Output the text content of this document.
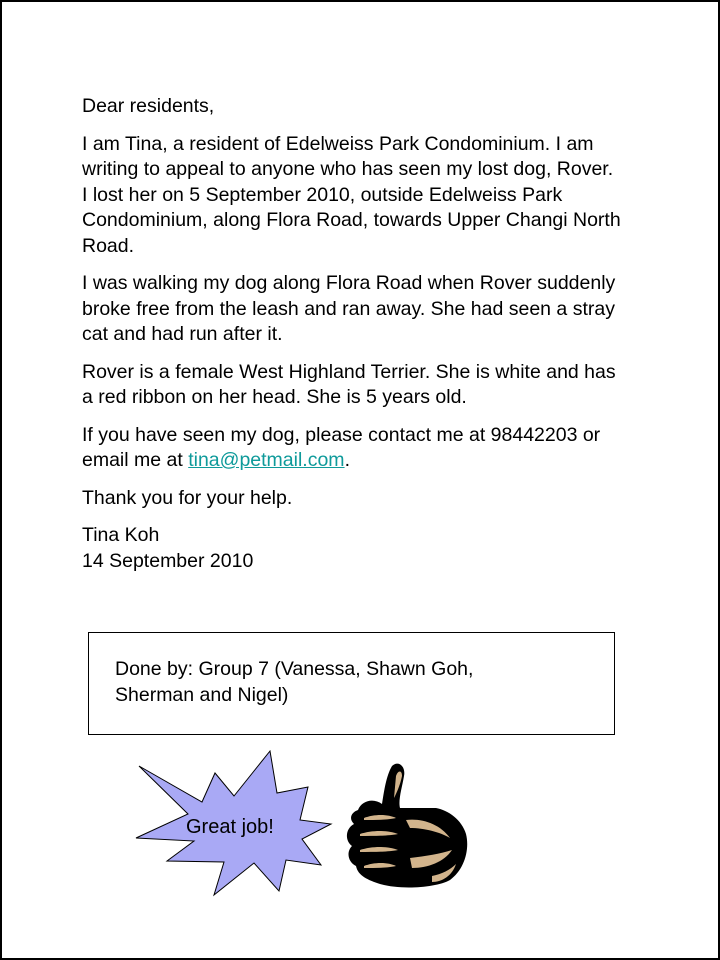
Dear residents,

I am Tina, a resident of Edelweiss Park Condominium. I am writing to appeal to anyone who has seen my lost dog, Rover. I lost her on 5 September 2010, outside Edelweiss Park Condominium, along Flora Road, towards Upper Changi North Road.

I was walking my dog along Flora Road when Rover suddenly broke free from the leash and ran away. She had seen a stray cat and had run after it.

Rover is a female West Highland Terrier. She is white and has a red ribbon on her head. She is 5 years old.

If you have seen my dog, please contact me at 98442203 or email me at tina@petmail.com.

Thank you for your help.

Tina Koh
14 September 2010

Done by: Group 7 (Vanessa, Shawn Goh, Sherman and Nigel)
Great job!
